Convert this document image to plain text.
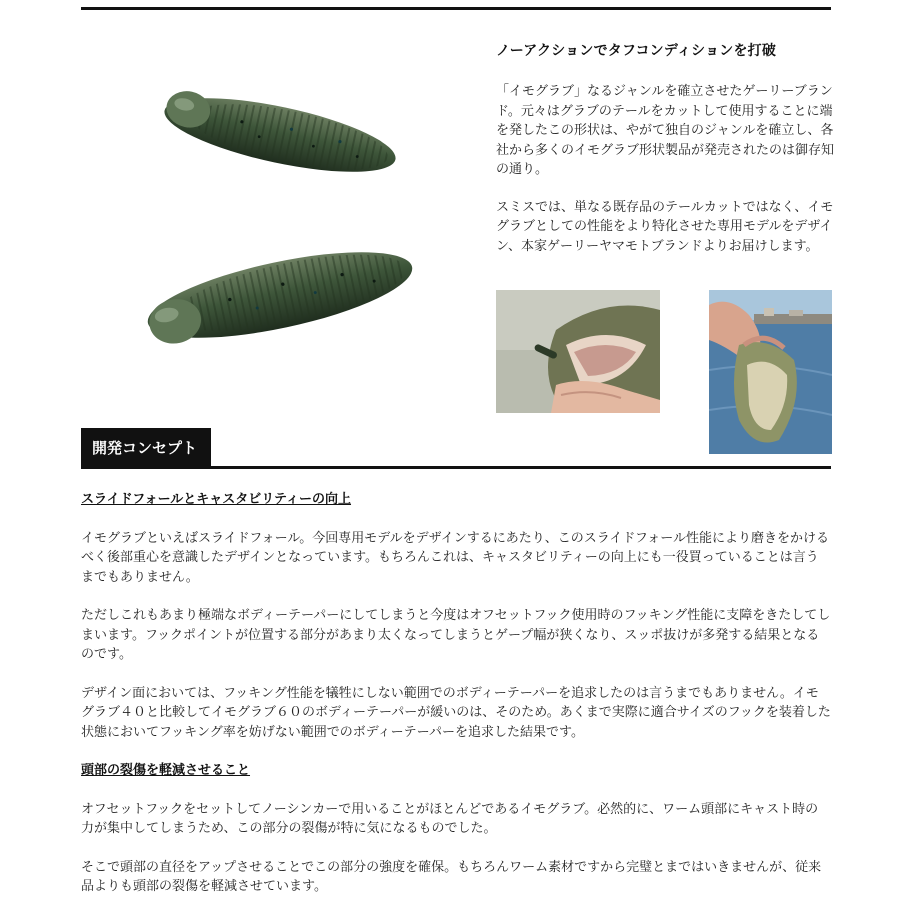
ノーアクションでタフコンディションを打破

「イモグラブ」なるジャンルを確立させたゲーリーブランド。元々はグラブのテールをカットして使用することに端を発したこの形状は、やがて独自のジャンルを確立し、各社から多くのイモグラブ形状製品が発売されたのは御存知の通り。

スミスでは、単なる既存品のテールカットではなく、イモグラブとしての性能をより特化させた専用モデルをデザイン、本家ゲーリーヤマモトブランドよりお届けします。

開発コンセプト
スライドフォールとキャスタビリティーの向上

イモグラブといえばスライドフォール。今回専用モデルをデザインするにあたり、このスライドフォール性能により磨きをかけるべく後部重心を意識したデザインとなっています。もちろんこれは、キャスタビリティーの向上にも一役買っていることは言うまでもありません。

ただしこれもあまり極端なボディーテーパーにしてしまうと今度はオフセットフック使用時のフッキング性能に支障をきたしてしまいます。フックポイントが位置する部分があまり太くなってしまうとゲープ幅が狭くなり、スッポ抜けが多発する結果となるのです。

デザイン面においては、フッキング性能を犠牲にしない範囲でのボディーテーパーを追求したのは言うまでもありません。イモグラブ４０と比較してイモグラブ６０のボディーテーパーが緩いのは、そのため。あくまで実際に適合サイズのフックを装着した状態においてフッキング率を妨げない範囲でのボディーテーパーを追求した結果です。

頭部の裂傷を軽減させること

オフセットフックをセットしてノーシンカーで用いることがほとんどであるイモグラブ。必然的に、ワーム頭部にキャスト時の力が集中してしまうため、この部分の裂傷が特に気になるものでした。

そこで頭部の直径をアップさせることでこの部分の強度を確保。もちろんワーム素材ですから完璧とまではいきませんが、従来品よりも頭部の裂傷を軽減させています。
